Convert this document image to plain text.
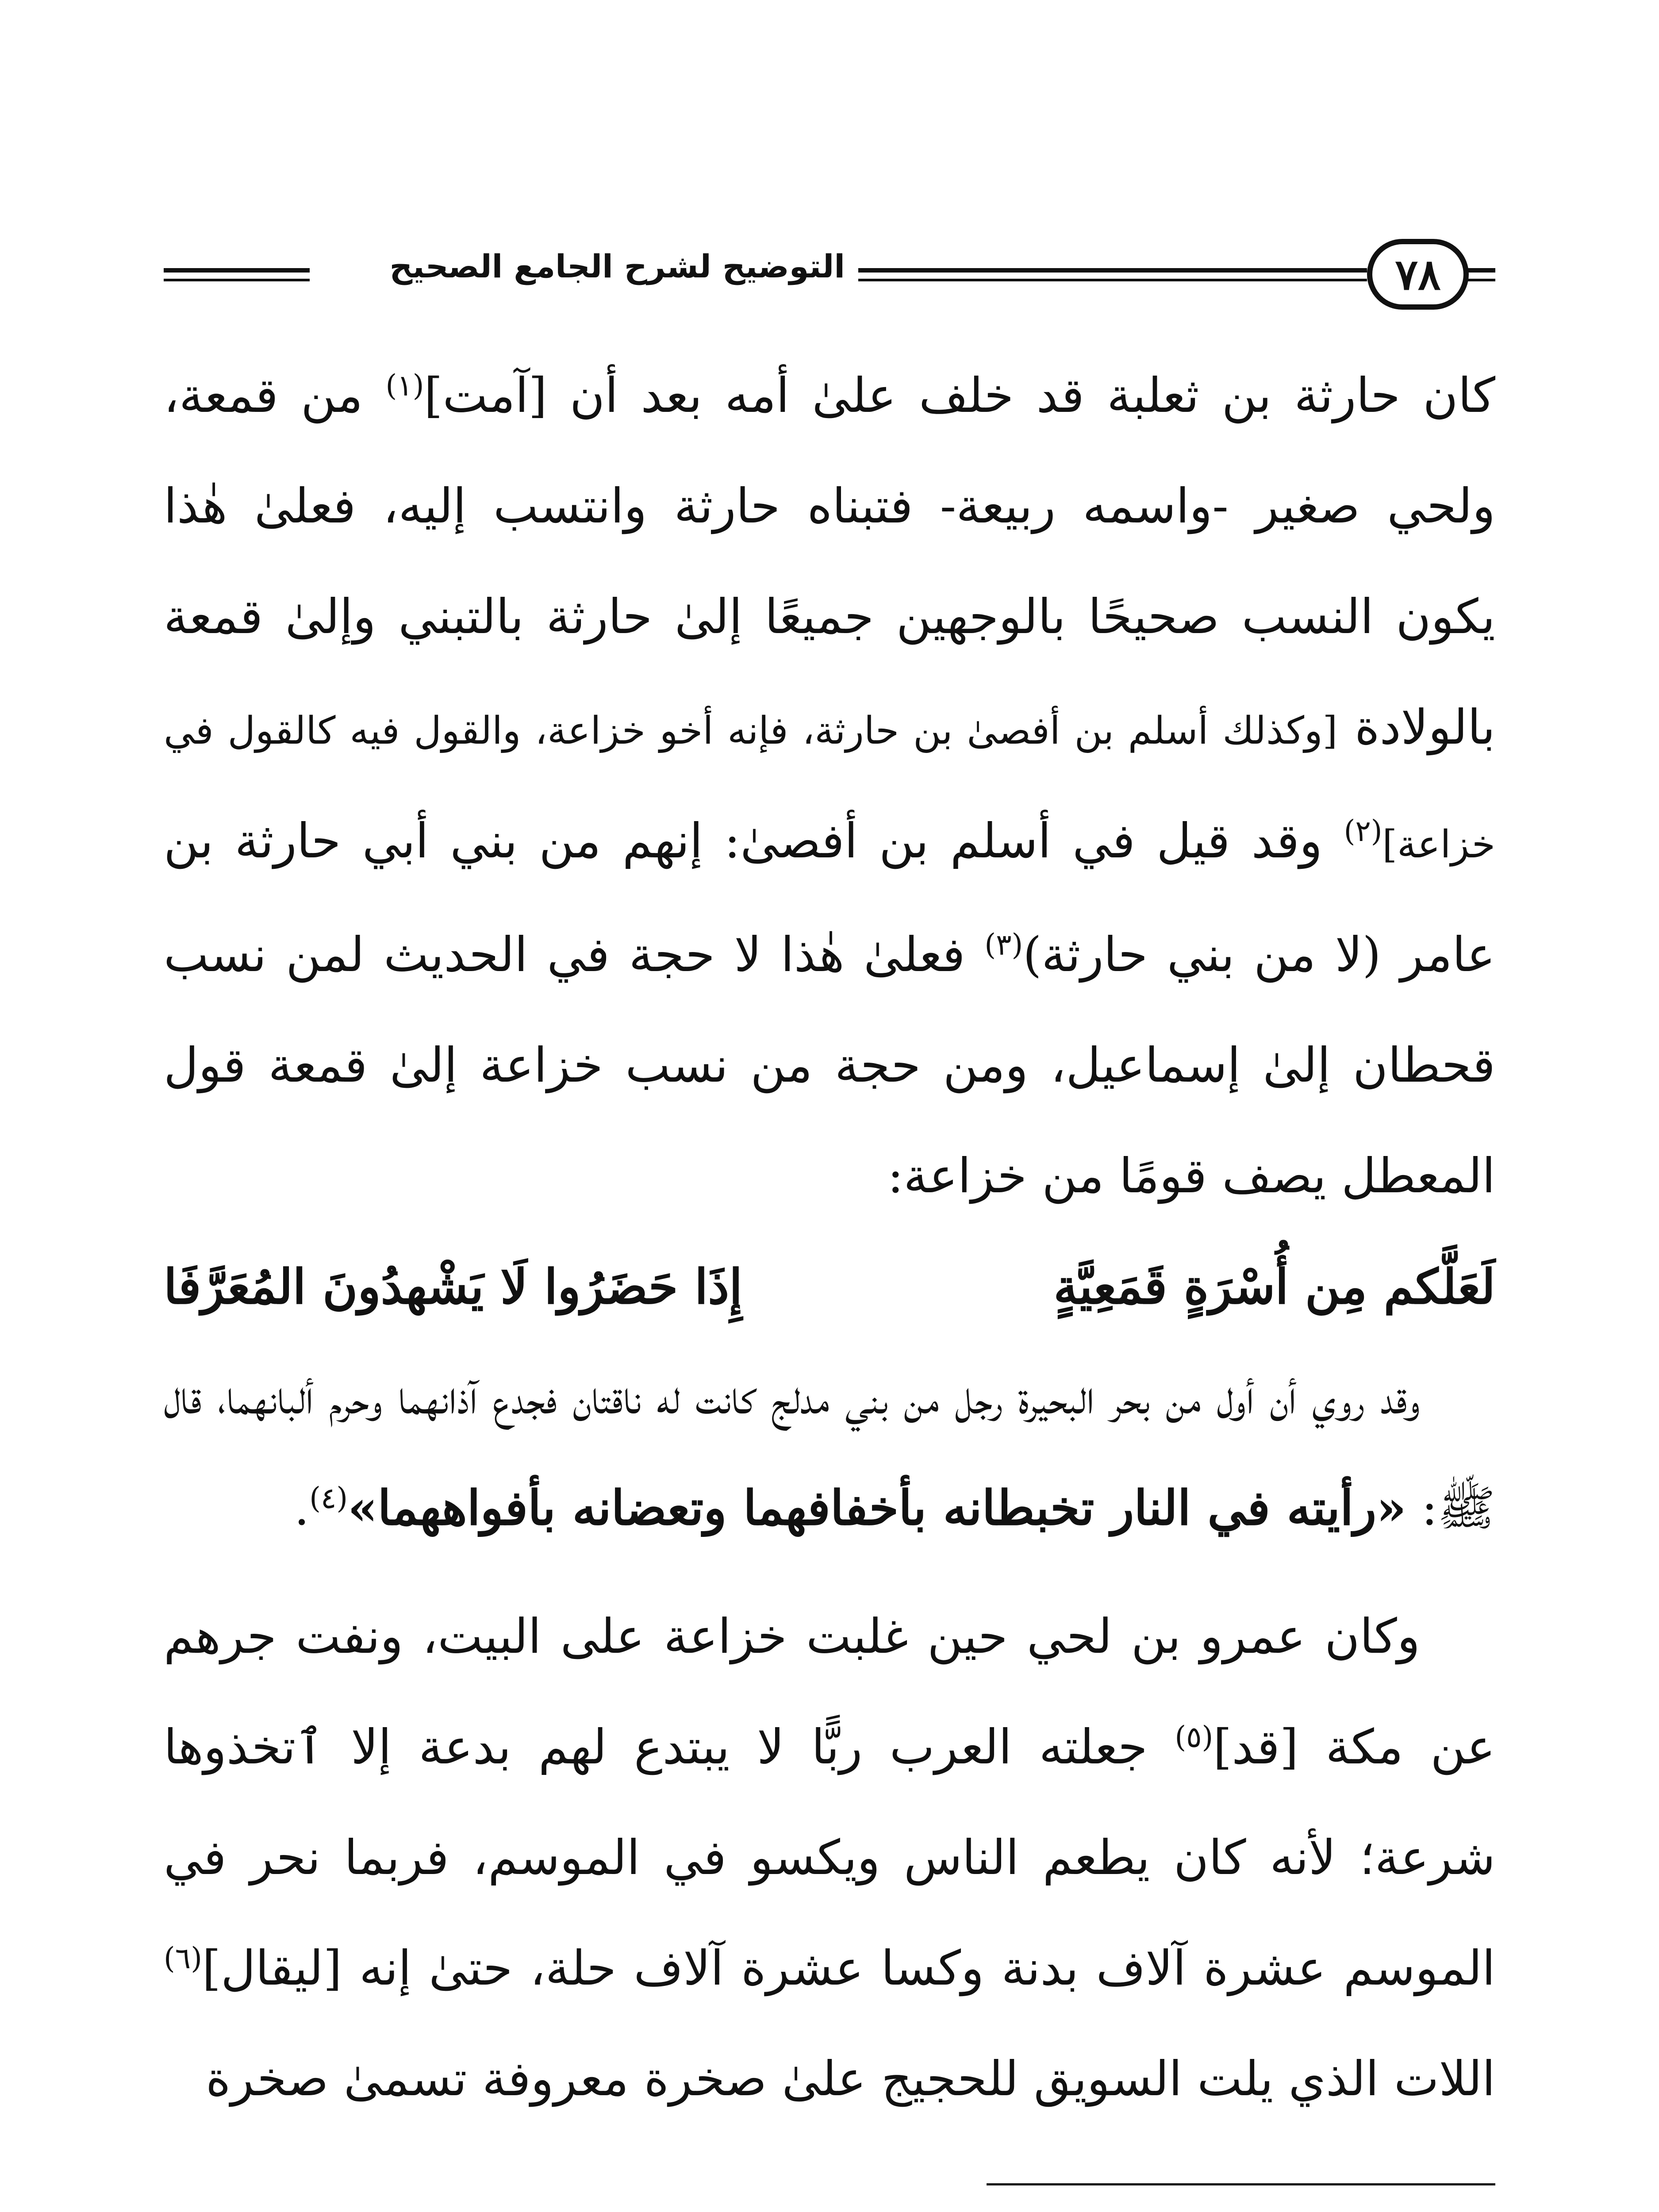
٧٨
التوضيح لشرح الجامع الصحيح

كان حارثة بن ثعلبة قد خلف علىٰ أمه بعد أن [آمت]$^{(١)}$ من قمعة، ولحي صغير -واسمه ربيعة- فتبناه حارثة وانتسب إليه، فعلىٰ هٰذا يكون النسب صحيحًا بالوجهين جميعًا إلىٰ حارثة بالتبني وإلىٰ قمعة بالولادة [وكذلك أسلم بن أفصىٰ بن حارثة، فإنه أخو خزاعة، والقول فيه كالقول في خزاعة]$^{(٢)}$ وقد قيل في أسلم بن أفصىٰ: إنهم من بني أبي حارثة بن عامر (لا من بني حارثة)$^{(٣)}$ فعلىٰ هٰذا لا حجة في الحديث لمن نسب قحطان إلىٰ إسماعيل، ومن حجة من نسب خزاعة إلىٰ قمعة قول المعطل يصف قومًا من خزاعة:

لَعَلَّكم مِن أُسْرَةٍ قَمَعِيَّةٍ
إِذَا حَضَرُوا لَا يَشْهدُونَ المُعَرَّفَا

وقد روي أن أول من بحر البحيرة رجل من بني مدلج كانت له ناقتان فجدع آذانهما وحرم ألبانهما، قال ﷺ: «رأيته في النار تخبطانه بأخفافهما وتعضانه بأفواههما»$^{(٤)}$.

وكان عمرو بن لحي حين غلبت خزاعة على البيت، ونفت جرهم عن مكة [قد]$^{(٥)}$ جعلته العرب ربًّا لا يبتدع لهم بدعة إلا ٱتخذوها شرعة؛ لأنه كان يطعم الناس ويكسو في الموسم، فربما نحر في الموسم عشرة آلاف بدنة وكسا عشرة آلاف حلة، حتىٰ إنه [ليقال]$^{(٦)}$ اللات الذي يلت السويق للحجيج علىٰ صخرة معروفة تسمىٰ صخرة
